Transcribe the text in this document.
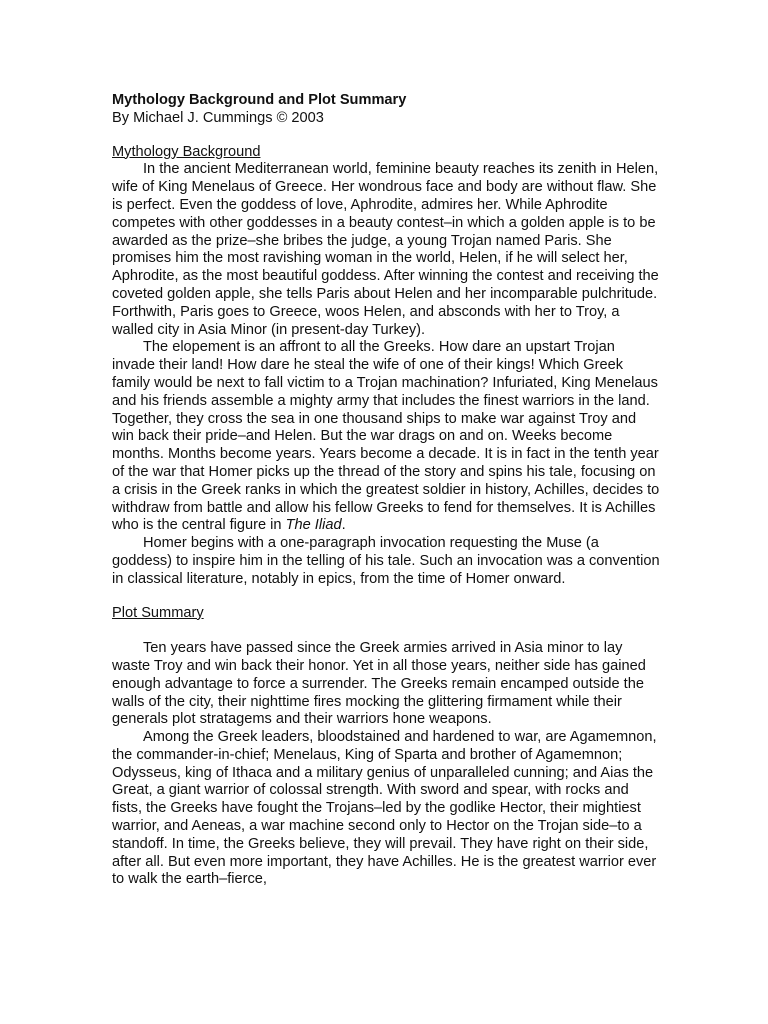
Mythology Background and Plot Summary

By Michael J. Cummings © 2003

Mythology Background

In the ancient Mediterranean world, feminine beauty reaches its zenith in Helen, wife of King Menelaus of Greece. Her wondrous face and body are without flaw. She is perfect. Even the goddess of love, Aphrodite, admires her. While Aphrodite competes with other goddesses in a beauty contest–in which a golden apple is to be awarded as the prize–she bribes the judge, a young Trojan named Paris. She promises him the most ravishing woman in the world, Helen, if he will select her, Aphrodite, as the most beautiful goddess. After winning the contest and receiving the coveted golden apple, she tells Paris about Helen and her incomparable pulchritude. Forthwith, Paris goes to Greece, woos Helen, and absconds with her to Troy, a walled city in Asia Minor (in present-day Turkey).

The elopement is an affront to all the Greeks. How dare an upstart Trojan invade their land! How dare he steal the wife of one of their kings! Which Greek family would be next to fall victim to a Trojan machination? Infuriated, King Menelaus and his friends assemble a mighty army that includes the finest warriors in the land. Together, they cross the sea in one thousand ships to make war against Troy and win back their pride–and Helen. But the war drags on and on. Weeks become months. Months become years. Years become a decade. It is in fact in the tenth year of the war that Homer picks up the thread of the story and spins his tale, focusing on a crisis in the Greek ranks in which the greatest soldier in history, Achilles, decides to withdraw from battle and allow his fellow Greeks to fend for themselves. It is Achilles who is the central figure in The Iliad.

Homer begins with a one-paragraph invocation requesting the Muse (a goddess) to inspire him in the telling of his tale. Such an invocation was a convention in classical literature, notably in epics, from the time of Homer onward.

Plot Summary

Ten years have passed since the Greek armies arrived in Asia minor to lay waste Troy and win back their honor. Yet in all those years, neither side has gained enough advantage to force a surrender. The Greeks remain encamped outside the walls of the city, their nighttime fires mocking the glittering firmament while their generals plot stratagems and their warriors hone weapons.

Among the Greek leaders, bloodstained and hardened to war, are Agamemnon, the commander-in-chief; Menelaus, King of Sparta and brother of Agamemnon; Odysseus, king of Ithaca and a military genius of unparalleled cunning; and Aias the Great, a giant warrior of colossal strength. With sword and spear, with rocks and fists, the Greeks have fought the Trojans–led by the godlike Hector, their mightiest warrior, and Aeneas, a war machine second only to Hector on the Trojan side–to a standoff. In time, the Greeks believe, they will prevail. They have right on their side, after all. But even more important, they have Achilles. He is the greatest warrior ever to walk the earth–fierce,
